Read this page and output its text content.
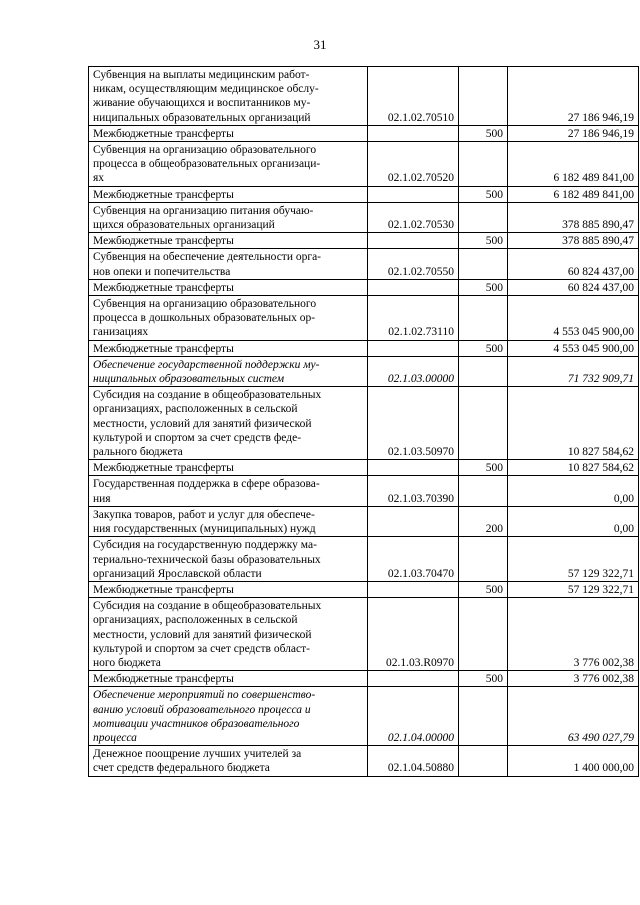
31
Субвенция на выплаты медицинским работ-
никам, осуществляющим медицинское обслу-
живание обучающихся и воспитанников му-
ниципальных образовательных организаций	02.1.02.70510		27 186 946,19

Межбюджетные трансферты		500	27 186 946,19

Субвенция на организацию образовательного
процесса в общеобразовательных организаци-
ях	02.1.02.70520		6 182 489 841,00

Межбюджетные трансферты		500	6 182 489 841,00

Субвенция на организацию питания обучаю-
щихся образовательных организаций	02.1.02.70530		378 885 890,47

Межбюджетные трансферты		500	378 885 890,47

Субвенция на обеспечение деятельности орга-
нов опеки и попечительства	02.1.02.70550		60 824 437,00

Межбюджетные трансферты		500	60 824 437,00

Субвенция на организацию образовательного
процесса в дошкольных образовательных ор-
ганизациях	02.1.02.73110		4 553 045 900,00

Межбюджетные трансферты		500	4 553 045 900,00

Обеспечение государственной поддержки му-
ниципальных образовательных систем	02.1.03.00000		71 732 909,71

Субсидия на создание в общеобразовательных
организациях, расположенных в сельской
местности, условий для занятий физической
культурой и спортом за счет средств феде-
рального бюджета	02.1.03.50970		10 827 584,62

Межбюджетные трансферты		500	10 827 584,62

Государственная поддержка в сфере образова-
ния	02.1.03.70390		0,00

Закупка товаров, работ и услуг для обеспече-
ния государственных (муниципальных) нужд		200	0,00

Субсидия на государственную поддержку ма-
териально-технической базы образовательных
организаций Ярославской области	02.1.03.70470		57 129 322,71

Межбюджетные трансферты		500	57 129 322,71

Субсидия на создание в общеобразовательных
организациях, расположенных в сельской
местности, условий для занятий физической
культурой и спортом за счет средств област-
ного бюджета	02.1.03.R0970		3 776 002,38

Межбюджетные трансферты		500	3 776 002,38

Обеспечение мероприятий по совершенство-
ванию условий образовательного процесса и
мотивации участников образовательного
процесса	02.1.04.00000		63 490 027,79

Денежное поощрение лучших учителей за
счет средств федерального бюджета	02.1.04.50880		1 400 000,00
